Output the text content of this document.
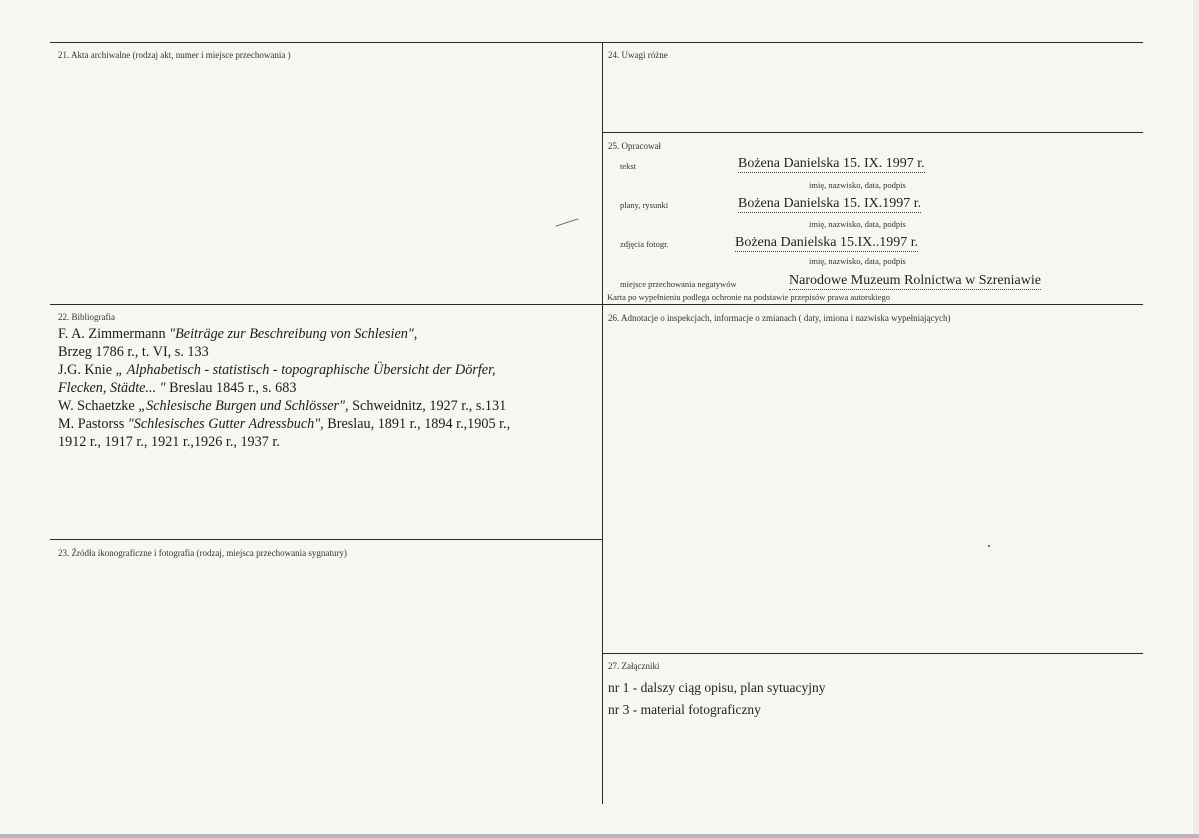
21. Akta archiwalne (rodzaj akt, numer i miejsce przechowania )	24. Uwagi różne
25. Opracował
tekst	Bożena Danielska 15. IX. 1997 r.
imię, nazwisko, data, podpis
plany, rysunki	Bożena Danielska 15. IX.1997 r.
imię, nazwisko, data, podpis
zdjęcia fotogr.	Bożena Danielska 15.IX..1997 r.
imię, nazwisko, data, podpis
miejsce przechowania negatywów	Narodowe Muzeum Rolnictwa w Szreniawie
Karta po wypełnieniu podlega ochronie na podstawie przepisów prawa autorskiego
22. Bibliografia
F. A. Zimmermann "Beiträge zur Beschreibung von Schlesien",
Brzeg 1786 r., t. VI, s. 133
J.G. Knie „ Alphabetisch - statistisch - topographische Übersicht der Dörfer,
Flecken, Städte... " Breslau 1845 r., s. 683
W. Schaetzke „Schlesische Burgen und Schlösser", Schweidnitz, 1927 r., s.131
M. Pastorss "Schlesisches Gutter Adressbuch", Breslau, 1891 r., 1894 r.,1905 r.,
1912 r., 1917 r., 1921 r.,1926 r., 1937 r.
26. Adnotacje o inspekcjach, informacje o zmianach ( daty, imiona i nazwiska wypełniających)
23. Źródła ikonograficzne i fotografia (rodzaj, miejsca przechowania sygnatury)
27. Załączniki
nr 1 - dalszy ciąg opisu, plan sytuacyjny
nr 3 - material fotograficzny
